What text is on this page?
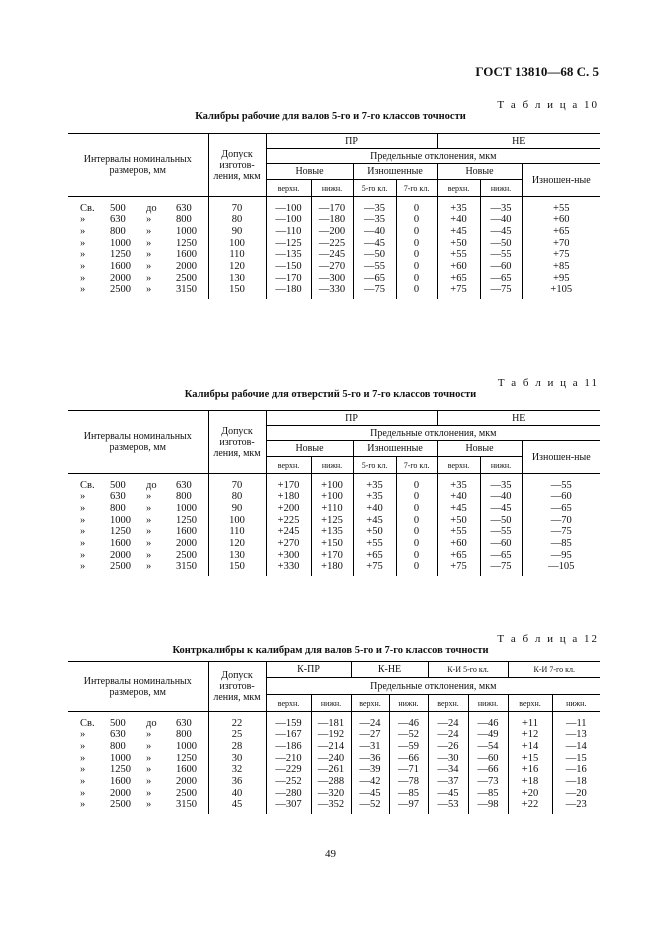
ГОСТ 13810—68 С. 5
Т а б л и ц а 10
Калибры рабочие для валов 5-го и 7-го классов точности
Интервалы номинальных размеров, мм	Допуск изготов-ления, мкм	ПР				НЕ		
		Предельные отклонения, мкм						
		Новые		Изношенные		Новые		Изношен-ные
		верхн.	нижн.	5-го кл.	7-го кл.	верхн.	нижн.	

Св. 500 до 630	70	—100	—170	—35	0	+35	—35	+55
» 630 » 800	80	—100	—180	—35	0	+40	—40	+60
» 800 » 1000	90	—110	—200	—40	0	+45	—45	+65
» 1000 » 1250	100	—125	—225	—45	0	+50	—50	+70
» 1250 » 1600	110	—135	—245	—50	0	+55	—55	+75
» 1600 » 2000	120	—150	—270	—55	0	+60	—60	+85
» 2000 » 2500	130	—170	—300	—65	0	+65	—65	+95
» 2500 » 3150	150	—180	—330	—75	0	+75	—75	+105

Т а б л и ц а 11
Калибры рабочие для отверстий 5-го и 7-го классов точности
Интервалы номинальных размеров, мм	Допуск изготов-ления, мкм	ПР				НЕ		
		Предельные отклонения, мкм						
		Новые		Изношенные		Новые		Изношен-ные
		верхн.	нижн.	5-го кл.	7-го кл.	верхн.	нижн.	

Св. 500 до 630	70	+170	+100	+35	0	+35	—35	—55
» 630 » 800	80	+180	+100	+35	0	+40	—40	—60
» 800 » 1000	90	+200	+110	+40	0	+45	—45	—65
» 1000 » 1250	100	+225	+125	+45	0	+50	—50	—70
» 1250 » 1600	110	+245	+135	+50	0	+55	—55	—75
» 1600 » 2000	120	+270	+150	+55	0	+60	—60	—85
» 2000 » 2500	130	+300	+170	+65	0	+65	—65	—95
» 2500 » 3150	150	+330	+180	+75	0	+75	—75	—105

Т а б л и ц а 12
Контркалибры к калибрам для валов 5-го и 7-го классов точности
Интервалы номинальных размеров, мм	Допуск изготов-ления, мкм	К-ПР		К-НЕ		К-И 5-го кл.		К-И 7-го кл.	
		Предельные отклонения, мкм							
		верхн.	нижн.	верхн.	нижн.	верхн.	нижн.	верхн.	нижн.

Св. 500 до 630	22	—159	—181	—24	—46	—24	—46	+11	—11
» 630 » 800	25	—167	—192	—27	—52	—24	—49	+12	—13
» 800 » 1000	28	—186	—214	—31	—59	—26	—54	+14	—14
» 1000 » 1250	30	—210	—240	—36	—66	—30	—60	+15	—15
» 1250 » 1600	32	—229	—261	—39	—71	—34	—66	+16	—16
» 1600 » 2000	36	—252	—288	—42	—78	—37	—73	+18	—18
» 2000 » 2500	40	—280	—320	—45	—85	—45	—85	+20	—20
» 2500 » 3150	45	—307	—352	—52	—97	—53	—98	+22	—23

49
